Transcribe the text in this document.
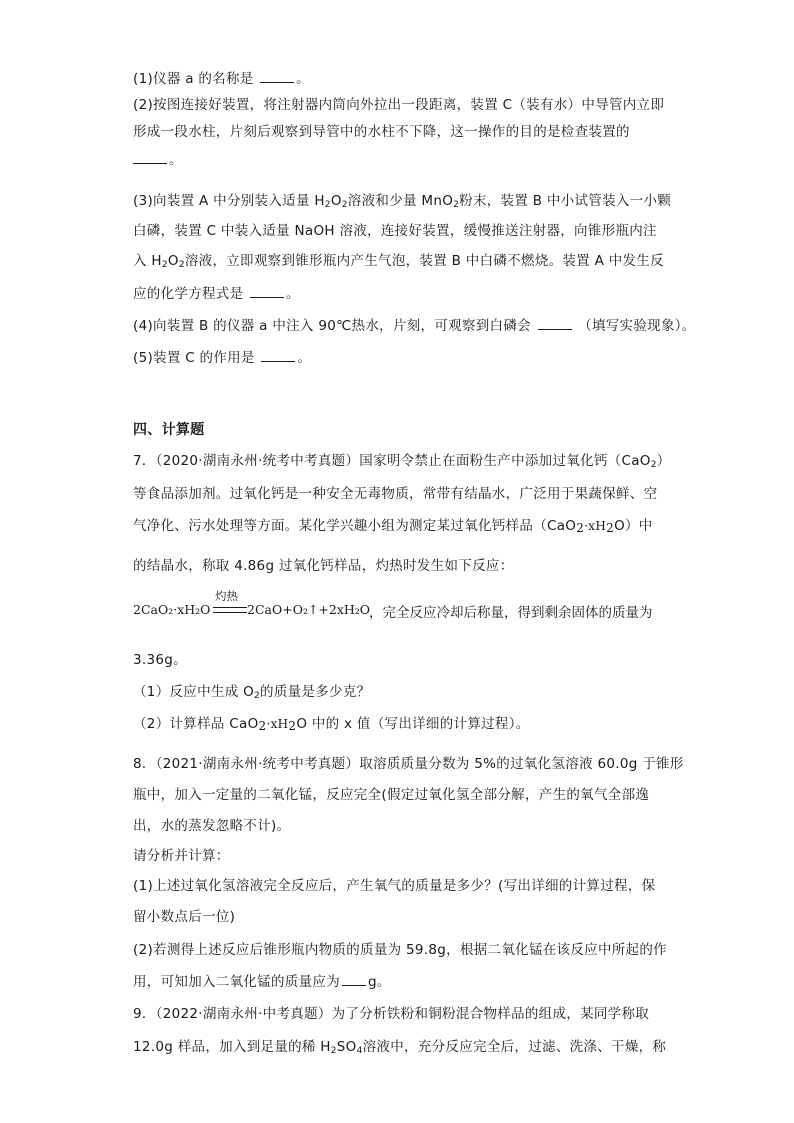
(1)仪器 a 的名称是	。
(2)按图连接好装置，将注射器内筒向外拉出一段距离，装置 C（装有水）中导管内立即
形成一段水柱，片刻后观察到导管中的水柱不下降，这一操作的目的是检查装置的
。
(3)向装置 A 中分别装入适量 $H_2O_2$溶液和少量 MnO$_2$粉末，装置 B 中小试管装入一小颗
白磷，装置 C 中装入适量 NaOH 溶液，连接好装置，缓慢推送注射器，向锥形瓶内注
入 $H_2O_2$溶液，立即观察到锥形瓶内产生气泡，装置 B 中白磷不燃烧。装置 A 中发生反
应的化学方程式是	。
(4)向装置 B 的仪器 a 中注入 90℃热水，片刻，可观察到白磷会	（填写实验现象）。
(5)装置 C 的作用是	。
四、计算题
7．（2020·湖南永州·统考中考真题）国家明令禁止在面粉生产中添加过氧化钙（CaO$_2$）
等食品添加剂。过氧化钙是一种安全无毒物质，常带有结晶水，广泛用于果蔬保鲜、空
气净化、污水处理等方面。某化学兴趣小组为测定某过氧化钙样品$(CaO_2\cdot xH_2O)$中
的结晶水，称取 4.86g 过氧化钙样品，灼热时发生如下反应：
2CaO₂·xH₂O
灼热
2CaO+O₂↑+2xH₂O
，完全反应冷却后称量，得到剩余固体的质量为
3.36g。
（1）反应中生成 $O_2$的质量是多少克？
（2）计算样品 $CaO_2\cdot xH_2O$ 中的 x 值（写出详细的计算过程）。
8．（2021·湖南永州·统考中考真题）取溶质质量分数为 5%的过氧化氢溶液 60.0g 于锥形
瓶中，加入一定量的二氧化锰，反应完全(假定过氧化氢全部分解，产生的氧气全部逸
出，水的蒸发忽略不计)。
请分析并计算：
(1)上述过氧化氢溶液完全反应后，产生氧气的质量是多少？(写出详细的计算过程，保
留小数点后一位)
(2)若测得上述反应后锥形瓶内物质的质量为 59.8g，根据二氧化锰在该反应中所起的作
用，可知加入二氧化锰的质量应为 g。
9．（2022·湖南永州·中考真题）为了分析铁粉和铜粉混合物样品的组成，某同学称取
12.0g 样品，加入到足量的稀 $H_2SO_4$溶液中，充分反应完全后，过滤、洗涤、干燥，称
